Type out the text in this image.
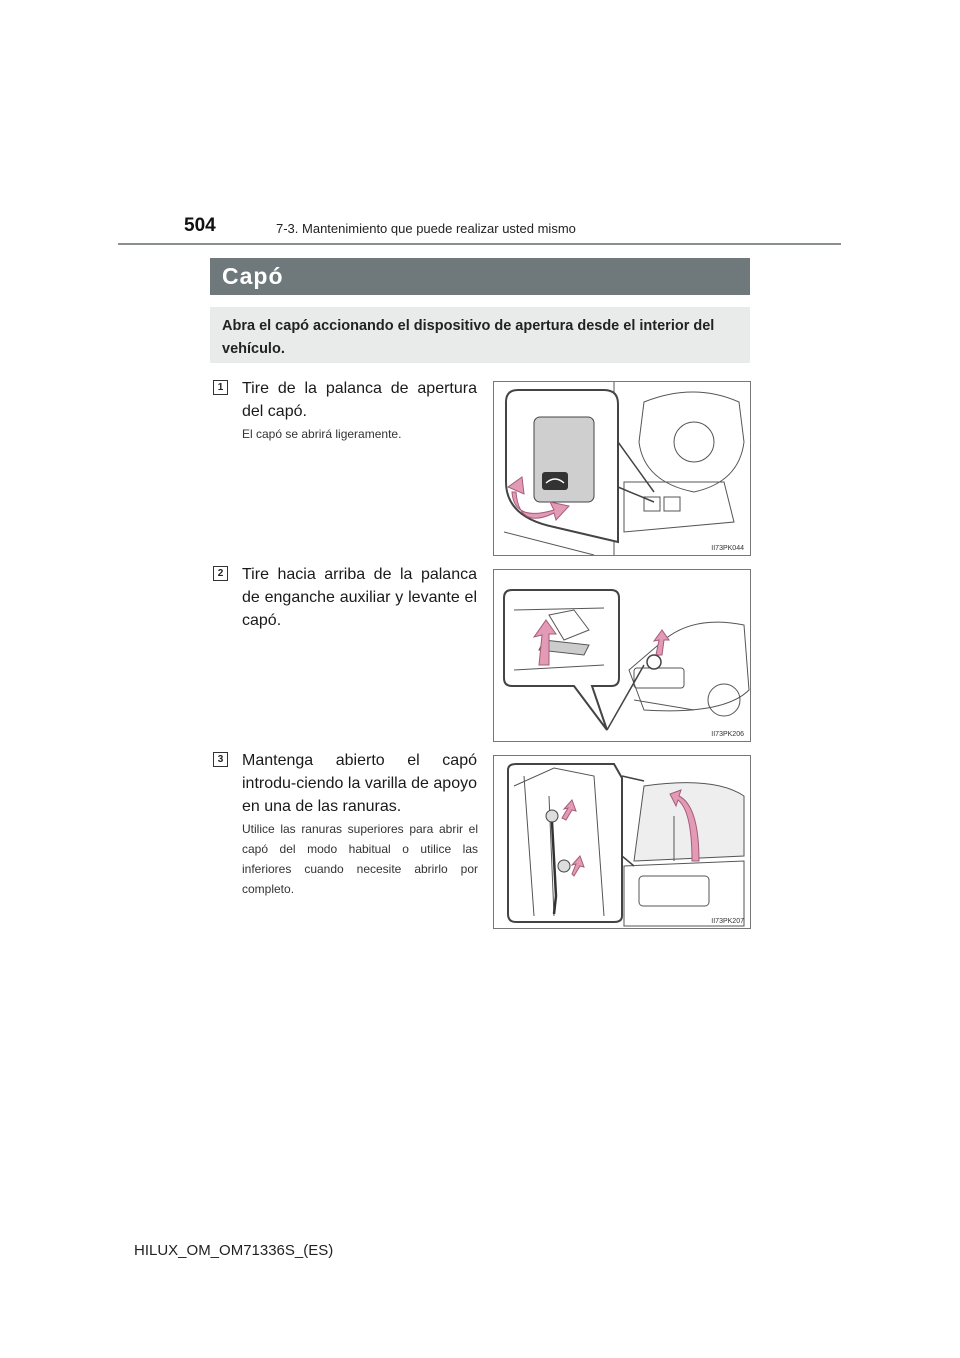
504	7-3. Mantenimiento que puede realizar usted mismo
Capó

Abra el capó accionando el dispositivo de apertura desde el interior del vehículo.

1 Tire de la palanca de apertura del capó.

El capó se abrirá ligeramente.

II73PK044
2 Tire hacia arriba de la palanca de enganche auxiliar y levante el capó.

II73PK206
3 Mantenga abierto el capó introdu-ciendo la varilla de apoyo en una de las ranuras.

Utilice las ranuras superiores para abrir el capó del modo habitual o utilice las inferiores cuando necesite abrirlo por completo.

II73PK207
HILUX_OM_OM71336S_(ES)
